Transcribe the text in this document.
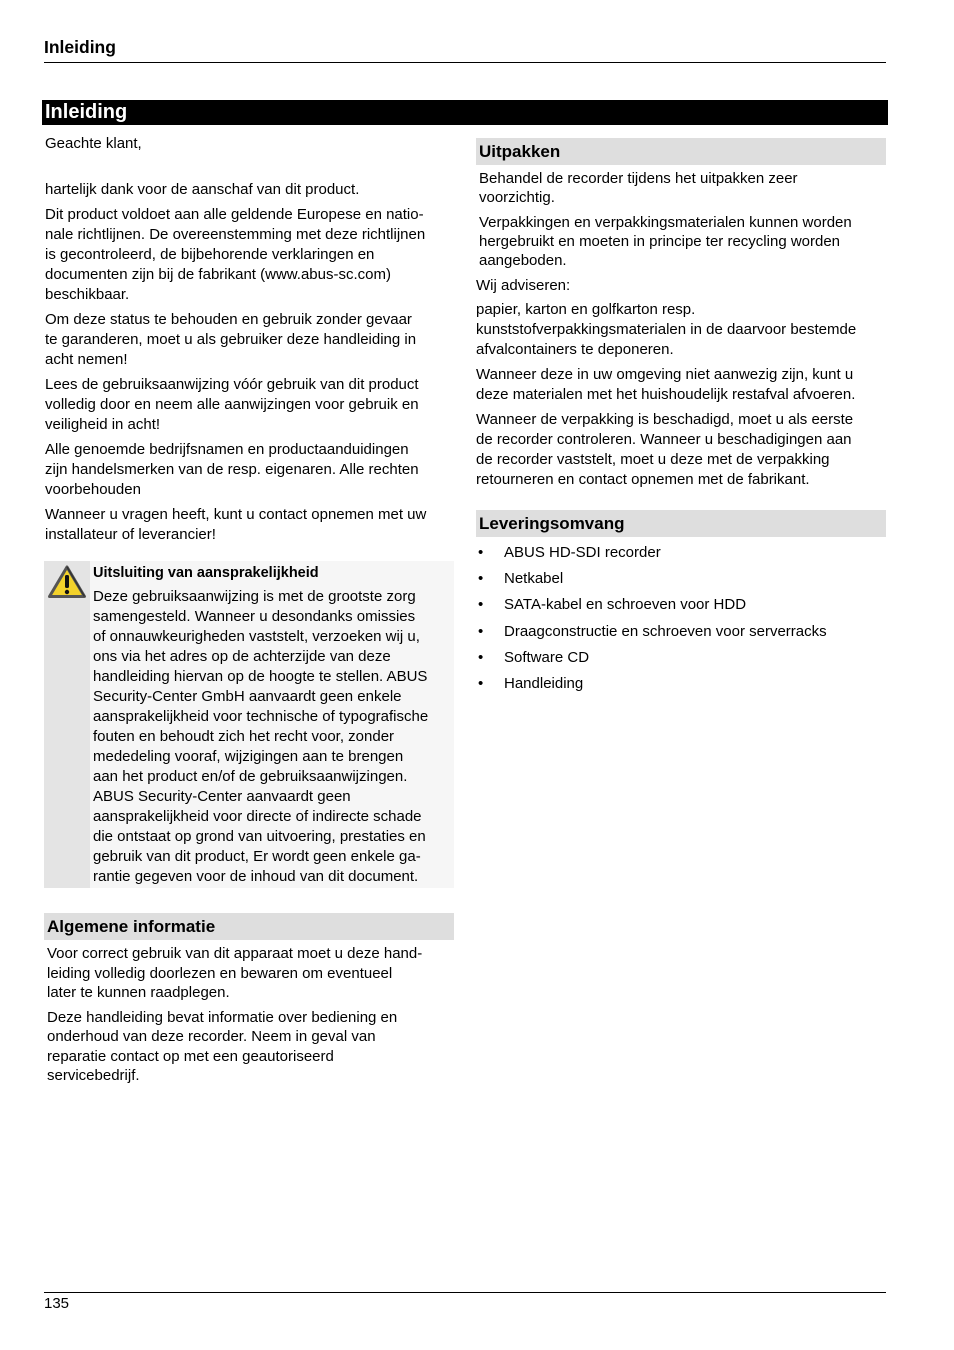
Inleiding
Inleiding

Geachte klant,

hartelijk dank voor de aanschaf van dit product.

Dit product voldoet aan alle geldende Europese en natio-
nale richtlijnen. De overeenstemming met deze richtlijnen
is gecontroleerd, de bijbehorende verklaringen en
documenten zijn bij de fabrikant (www.abus-sc.com)
beschikbaar.

Om deze status te behouden en gebruik zonder gevaar
te garanderen, moet u als gebruiker deze handleiding in
acht nemen!

Lees de gebruiksaanwijzing vóór gebruik van dit product
volledig door en neem alle aanwijzingen voor gebruik en
veiligheid in acht!

Alle genoemde bedrijfsnamen en productaanduidingen
zijn handelsmerken van de resp. eigenaren. Alle rechten
voorbehouden

Wanneer u vragen heeft, kunt u contact opnemen met uw
installateur of leverancier!

Uitsluiting van aansprakelijkheid
Deze gebruiksaanwijzing is met de grootste zorg
samengesteld. Wanneer u desondanks omissies
of onnauwkeurigheden vaststelt, verzoeken wij u,
ons via het adres op de achterzijde van deze
handleiding hiervan op de hoogte te stellen. ABUS
Security-Center GmbH aanvaardt geen enkele
aansprakelijkheid voor technische of typografische
fouten en behoudt zich het recht voor, zonder
mededeling vooraf, wijzigingen aan te brengen
aan het product en/of de gebruiksaanwijzingen.
ABUS Security-Center aanvaardt geen
aansprakelijkheid voor directe of indirecte schade
die ontstaat op grond van uitvoering, prestaties en
gebruik van dit product, Er wordt geen enkele ga-
rantie gegeven voor de inhoud van dit document.
Algemene informatie

Voor correct gebruik van dit apparaat moet u deze hand-
leiding volledig doorlezen en bewaren om eventueel
later te kunnen raadplegen.

Deze handleiding bevat informatie over bediening en
onderhoud van deze recorder. Neem in geval van
reparatie contact op met een geautoriseerd
servicebedrijf.

Uitpakken

Behandel de recorder tijdens het uitpakken zeer
voorzichtig.

Verpakkingen en verpakkingsmaterialen kunnen worden
hergebruikt en moeten in principe ter recycling worden
aangeboden.

Wij adviseren:

papier, karton en golfkarton resp.
kunststofverpakkingsmaterialen in de daarvoor bestemde
afvalcontainers te deponeren.

Wanneer deze in uw omgeving niet aanwezig zijn, kunt u
deze materialen met het huishoudelijk restafval afvoeren.

Wanneer de verpakking is beschadigd, moet u als eerste
de recorder controleren. Wanneer u beschadigingen aan
de recorder vaststelt, moet u deze met de verpakking
retourneren en contact opnemen met de fabrikant.

Leveringsomvang
• ABUS HD-SDI recorder
• Netkabel
• SATA-kabel en schroeven voor HDD
• Draagconstructie en schroeven voor serverracks
• Software CD
• Handleiding
135
